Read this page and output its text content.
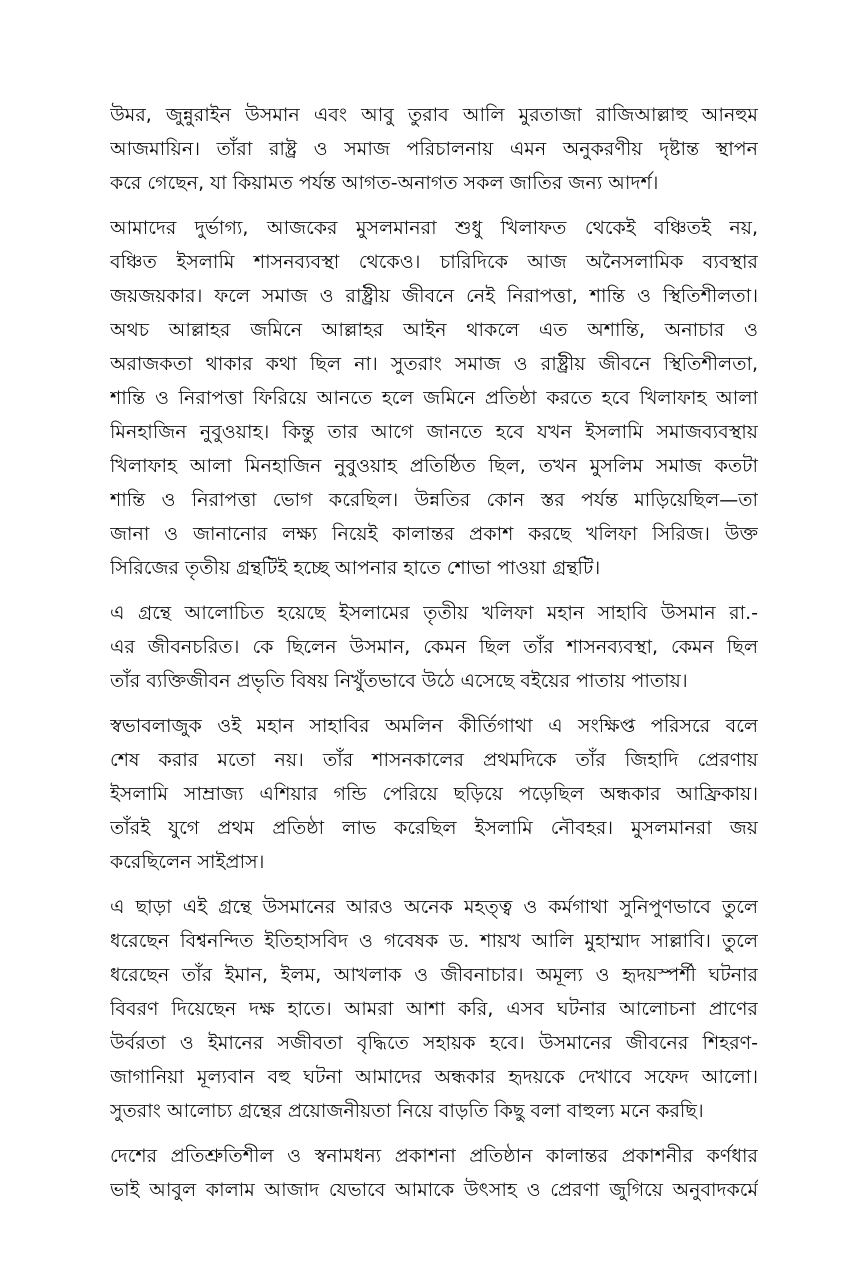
উমর, জুন্নুরাইন উসমান এবং আবু তুরাব আলি মুরতাজা রাজিআল্লাহু আনহুম
আজমায়িন। তাঁরা রাষ্ট্র ও সমাজ পরিচালনায় এমন অনুকরণীয় দৃষ্টান্ত স্থাপন
করে গেছেন, যা কিয়ামত পর্যন্ত আগত-অনাগত সকল জাতির জন্য আদর্শ।
আমাদের দুর্ভাগ্য, আজকের মুসলমানরা শুধু খিলাফত থেকেই বঞ্চিতই নয়,
বঞ্চিত ইসলামি শাসনব্যবস্থা থেকেও। চারিদিকে আজ অনৈসলামিক ব্যবস্থার
জয়জয়কার। ফলে সমাজ ও রাষ্ট্রীয় জীবনে নেই নিরাপত্তা, শান্তি ও স্থিতিশীলতা।
অথচ আল্লাহর জমিনে আল্লাহর আইন থাকলে এত অশান্তি, অনাচার ও
অরাজকতা থাকার কথা ছিল না। সুতরাং সমাজ ও রাষ্ট্রীয় জীবনে স্থিতিশীলতা,
শান্তি ও নিরাপত্তা ফিরিয়ে আনতে হলে জমিনে প্রতিষ্ঠা করতে হবে খিলাফাহ আলা
মিনহাজিন নুবুওয়াহ। কিন্তু তার আগে জানতে হবে যখন ইসলামি সমাজব্যবস্থায়
খিলাফাহ আলা মিনহাজিন নুবুওয়াহ প্রতিষ্ঠিত ছিল, তখন মুসলিম সমাজ কতটা
শান্তি ও নিরাপত্তা ভোগ করেছিল। উন্নতির কোন স্তর পর্যন্ত মাড়িয়েছিল—তা
জানা ও জানানোর লক্ষ্য নিয়েই কালান্তর প্রকাশ করছে খলিফা সিরিজ। উক্ত
সিরিজের তৃতীয় গ্রন্থটিই হচ্ছে আপনার হাতে শোভা পাওয়া গ্রন্থটি।
এ গ্রন্থে আলোচিত হয়েছে ইসলামের তৃতীয় খলিফা মহান সাহাবি উসমান রা.-
এর জীবনচরিত। কে ছিলেন উসমান, কেমন ছিল তাঁর শাসনব্যবস্থা, কেমন ছিল
তাঁর ব্যক্তিজীবন প্রভৃতি বিষয় নিখুঁতভাবে উঠে এসেছে বইয়ের পাতায় পাতায়।
স্বভাবলাজুক ওই মহান সাহাবির অমলিন কীর্তিগাথা এ সংক্ষিপ্ত পরিসরে বলে
শেষ করার মতো নয়। তাঁর শাসনকালের প্রথমদিকে তাঁর জিহাদি প্রেরণায়
ইসলামি সাম্রাজ্য এশিয়ার গন্ডি পেরিয়ে ছড়িয়ে পড়েছিল অন্ধকার আফ্রিকায়।
তাঁরই যুগে প্রথম প্রতিষ্ঠা লাভ করেছিল ইসলামি নৌবহর। মুসলমানরা জয়
করেছিলেন সাইপ্রাস।
এ ছাড়া এই গ্রন্থে উসমানের আরও অনেক মহত্ত্ব ও কর্মগাথা সুনিপুণভাবে তুলে
ধরেছেন বিশ্বনন্দিত ইতিহাসবিদ ও গবেষক ড. শায়খ আলি মুহাম্মাদ সাল্লাবি। তুলে
ধরেছেন তাঁর ইমান, ইলম, আখলাক ও জীবনাচার। অমূল্য ও হৃদয়স্পর্শী ঘটনার
বিবরণ দিয়েছেন দক্ষ হাতে। আমরা আশা করি, এসব ঘটনার আলোচনা প্রাণের
উর্বরতা ও ইমানের সজীবতা বৃদ্ধিতে সহায়ক হবে। উসমানের জীবনের শিহরণ-
জাগানিয়া মূল্যবান বহু ঘটনা আমাদের অন্ধকার হৃদয়কে দেখাবে সফেদ আলো।
সুতরাং আলোচ্য গ্রন্থের প্রয়োজনীয়তা নিয়ে বাড়তি কিছু বলা বাহুল্য মনে করছি।
দেশের প্রতিশ্রুতিশীল ও স্বনামধন্য প্রকাশনা প্রতিষ্ঠান কালান্তর প্রকাশনীর কর্ণধার
ভাই আবুল কালাম আজাদ যেভাবে আমাকে উৎসাহ ও প্রেরণা জুগিয়ে অনুবাদকর্মে
